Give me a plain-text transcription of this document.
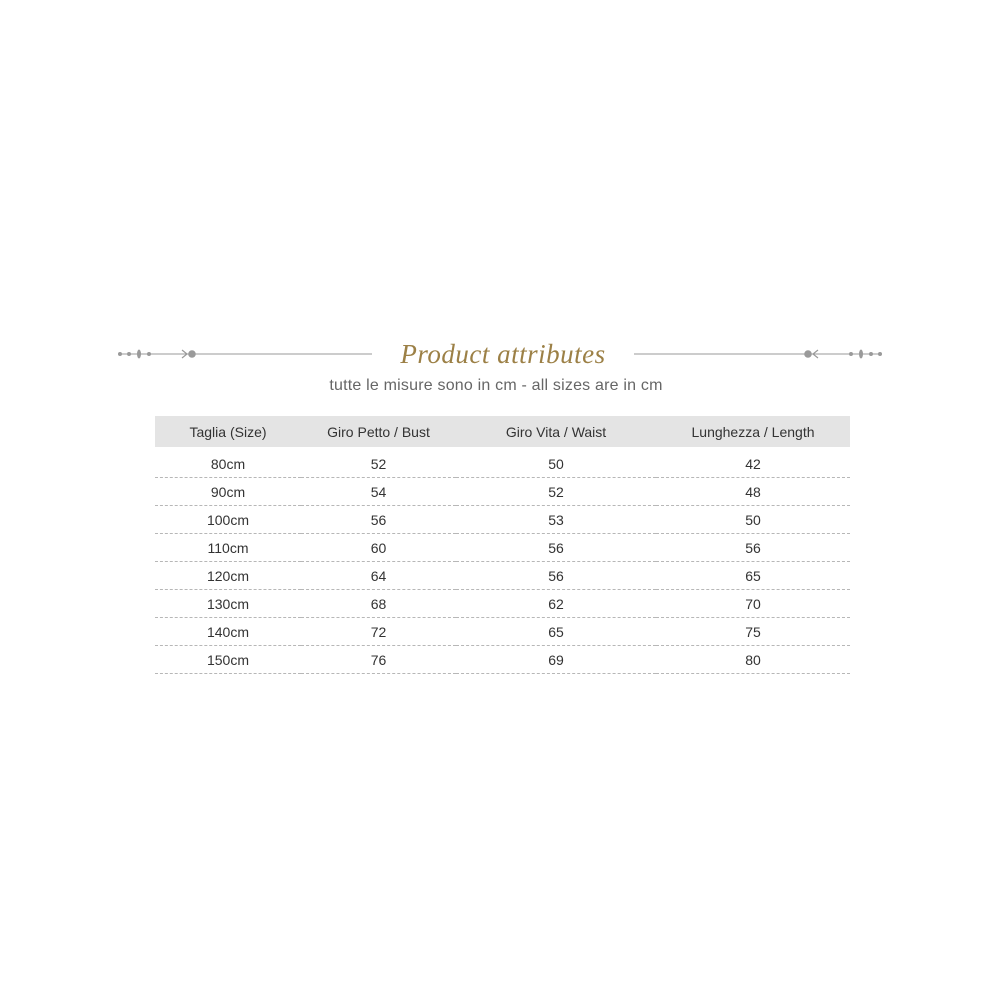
Product attributes

tutte le misure sono in cm - all sizes are in cm

Taglia (Size)	Giro Petto / Bust	Giro Vita / Waist	Lunghezza / Length
80cm	52	50	42
90cm	54	52	48
100cm	56	53	50
110cm	60	56	56
120cm	64	56	65
130cm	68	62	70
140cm	72	65	75
150cm	76	69	80
